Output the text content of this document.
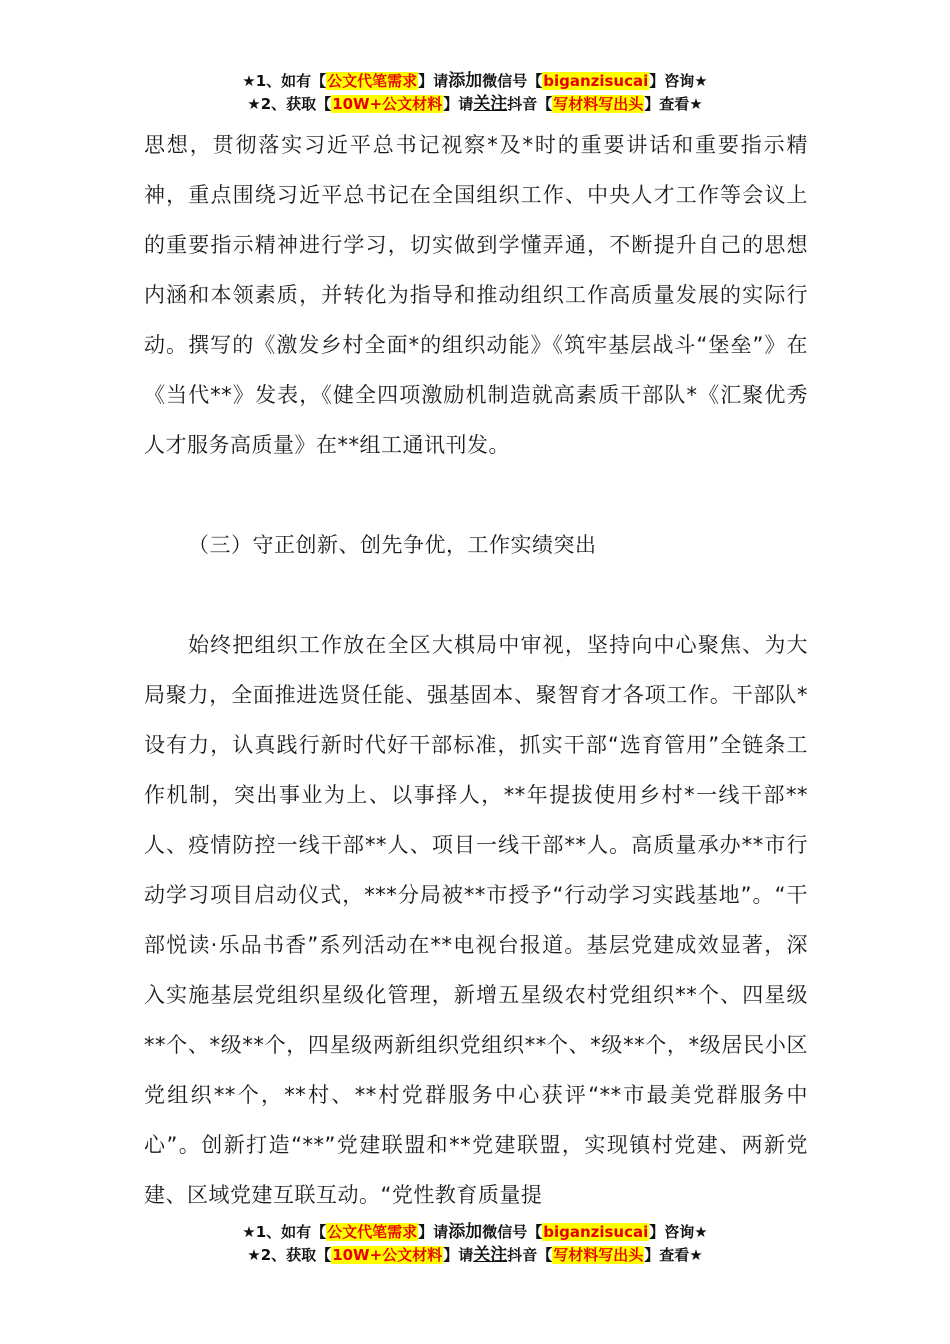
★1、如有【公文代笔需求】请添加微信号【biganzisucai】咨询★
★2、获取【10W+公文材料】请关注抖音【写材料写出头】查看★

思想，贯彻落实习近平总书记视察*及*时的重要讲话和重要指示精神，重点围绕习近平总书记在全国组织工作、中央人才工作等会议上的重要指示精神进行学习，切实做到学懂弄通，不断提升自己的思想内涵和本领素质，并转化为指导和推动组织工作高质量发展的实际行动。撰写的《激发乡村全面*的组织动能》《筑牢基层战斗“堡垒”》在《当代**》发表，《健全四项激励机制造就高素质干部队*《汇聚优秀人才服务高质量》在**组工通讯刊发。

（三）守正创新、创先争优，工作实绩突出

始终把组织工作放在全区大棋局中审视，坚持向中心聚焦、为大局聚力，全面推进选贤任能、强基固本、聚智育才各项工作。干部队*设有力，认真践行新时代好干部标准，抓实干部“选育管用”全链条工作机制，突出事业为上、以事择人，**年提拔使用乡村*一线干部**人、疫情防控一线干部**人、项目一线干部**人。高质量承办**市行动学习项目启动仪式，***分局被**市授予“行动学习实践基地”。“干部悦读·乐品书香”系列活动在**电视台报道。基层党建成效显著，深入实施基层党组织星级化管理，新增五星级农村党组织**个、四星级**个、*级**个，四星级两新组织党组织**个、*级**个，*级居民小区党组织**个，**村、**村党群服务中心获评“**市最美党群服务中心”。创新打造“**”党建联盟和**党建联盟，实现镇村党建、两新党建、区域党建互联互动。“党性教育质量提

★1、如有【公文代笔需求】请添加微信号【biganzisucai】咨询★
★2、获取【10W+公文材料】请关注抖音【写材料写出头】查看★
